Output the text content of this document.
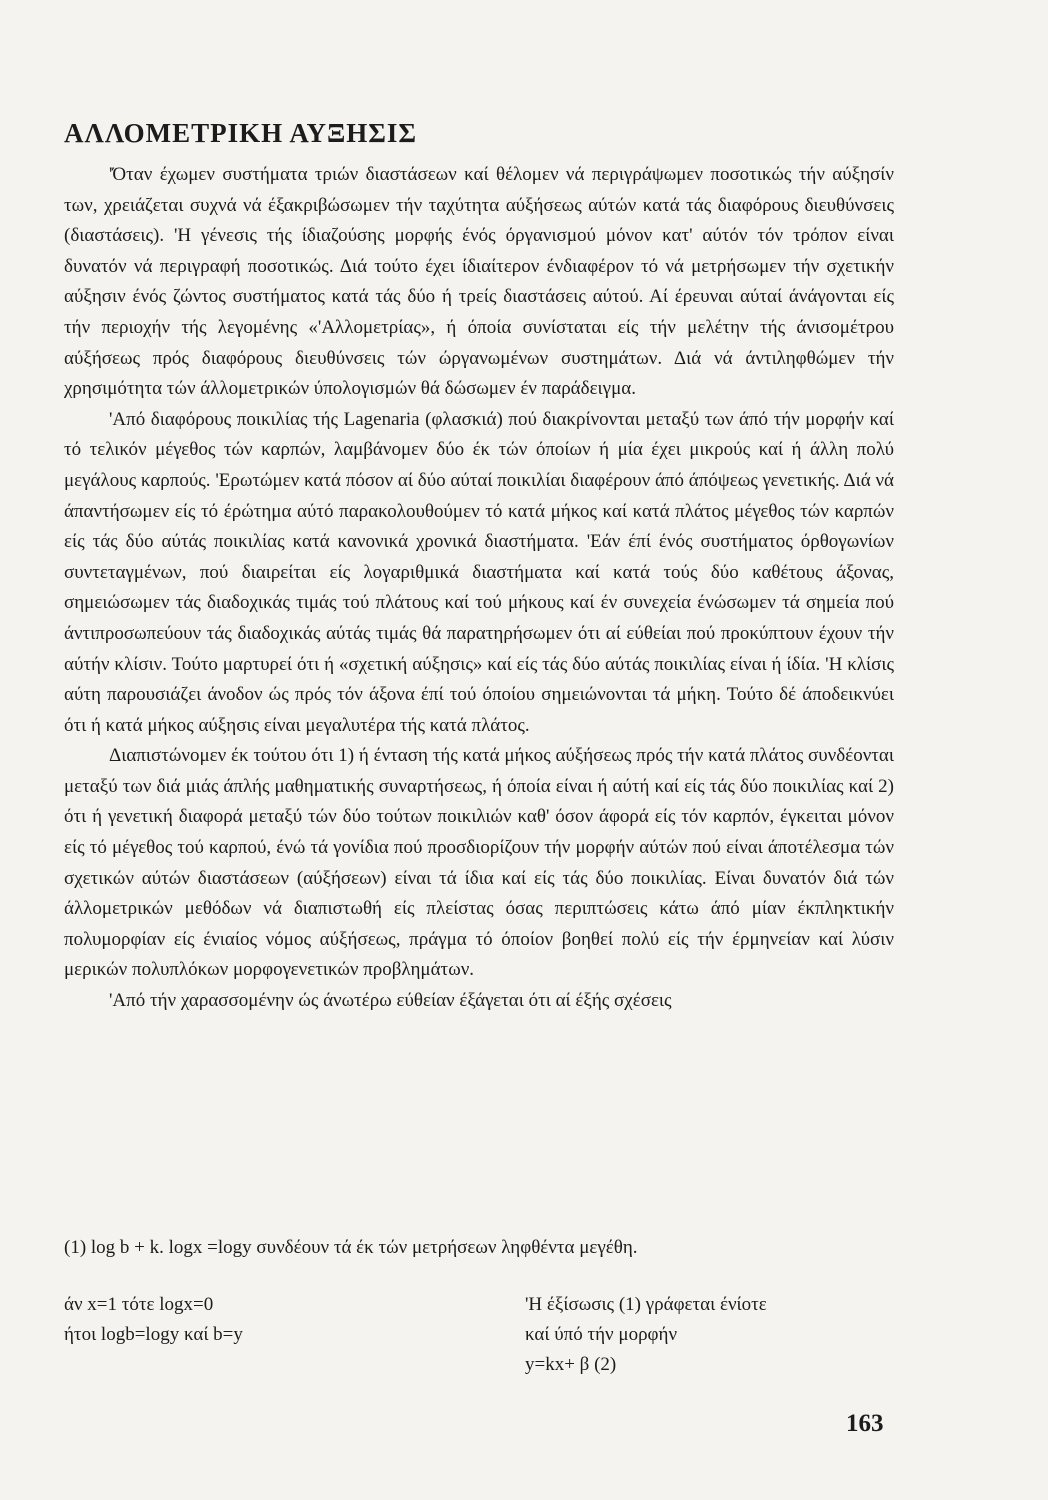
ΑΛΛΟΜΕΤΡΙΚΗ ΑΥΞΗΣΙΣ

'Όταν έχωμεν συστήματα τριών διαστάσεων καί θέλομεν νά περιγράψωμεν ποσοτικώς τήν αύξησίν των, χρειάζεται συχνά νά έξακριβώσωμεν τήν ταχύτητα αύξήσεως αύτών κατά τάς διαφόρους διευθύνσεις (διαστάσεις). 'Η γένεσις τής ίδιαζούσης μορφής ένός όργανισμού μόνον κατ' αύτόν τόν τρόπον είναι δυνατόν νά περιγραφή ποσοτικώς. Διά τούτο έχει ίδιαίτερον ένδιαφέρον τό νά μετρήσωμεν τήν σχετικήν αύξησιν ένός ζώντος συστήματος κατά τάς δύο ή τρείς διαστάσεις αύτού. Αί έρευναι αύταί άνάγονται είς τήν περιοχήν τής λεγομένης «'Αλλομετρίας», ή όποία συνίσταται είς τήν μελέτην τής άνισομέτρου αύξήσεως πρός διαφόρους διευθύνσεις τών ώργανωμένων συστημάτων. Διά νά άντιληφθώμεν τήν χρησιμότητα τών άλλομετρικών ύπολογισμών θά δώσωμεν έν παράδειγμα.

'Από διαφόρους ποικιλίας τής Lagenaria (φλασκιά) πού διακρίνονται μεταξύ των άπό τήν μορφήν καί τό τελικόν μέγεθος τών καρπών, λαμβάνομεν δύο έκ τών όποίων ή μία έχει μικρούς καί ή άλλη πολύ μεγάλους καρπούς. 'Ερωτώμεν κατά πόσον αί δύο αύταί ποικιλίαι διαφέρουν άπό άπόψεως γενετικής. Διά νά άπαντήσωμεν είς τό έρώτημα αύτό παρακολουθούμεν τό κατά μήκος καί κατά πλάτος μέγεθος τών καρπών είς τάς δύο αύτάς ποικιλίας κατά κανονικά χρονικά διαστήματα. 'Εάν έπί ένός συστήματος όρθογωνίων συντεταγμένων, πού διαιρείται είς λογαριθμικά διαστήματα καί κατά τούς δύο καθέτους άξονας, σημειώσωμεν τάς διαδοχικάς τιμάς τού πλάτους καί τού μήκους καί έν συνεχεία ένώσωμεν τά σημεία πού άντιπροσωπεύουν τάς διαδοχικάς αύτάς τιμάς θά παρατηρήσωμεν ότι αί εύθείαι πού προκύπτουν έχουν τήν αύτήν κλίσιν. Τούτο μαρτυρεί ότι ή «σχετική αύξησις» καί είς τάς δύο αύτάς ποικιλίας είναι ή ίδία. 'Η κλίσις αύτη παρουσιάζει άνοδον ώς πρός τόν άξονα έπί τού όποίου σημειώνονται τά μήκη. Τούτο δέ άποδεικνύει ότι ή κατά μήκος αύξησις είναι μεγαλυτέρα τής κατά πλάτος.

Διαπιστώνομεν έκ τούτου ότι 1) ή ένταση τής κατά μήκος αύξήσεως πρός τήν κατά πλάτος συνδέονται μεταξύ των διά μιάς άπλής μαθηματικής συναρτήσεως, ή όποία είναι ή αύτή καί είς τάς δύο ποικιλίας καί 2) ότι ή γενετική διαφορά μεταξύ τών δύο τούτων ποικιλιών καθ' όσον άφορά είς τόν καρπόν, έγκειται μόνον είς τό μέγεθος τού καρπού, ένώ τά γονίδια πού προσδιορίζουν τήν μορφήν αύτών πού είναι άποτέλεσμα τών σχετικών αύτών διαστάσεων (αύξήσεων) είναι τά ίδια καί είς τάς δύο ποικιλίας. Είναι δυνατόν διά τών άλλομετρικών μεθόδων νά διαπιστωθή είς πλείστας όσας περιπτώσεις κάτω άπό μίαν έκπληκτικήν πολυμορφίαν είς ένιαίος νόμος αύξήσεως, πράγμα τό όποίον βοηθεί πολύ είς τήν έρμηνείαν καί λύσιν μερικών πολυπλόκων μορφογενετικών προβλημάτων.

'Από τήν χαρασσομένην ώς άνωτέρω εύθείαν έξάγεται ότι αί έξής σχέσεις

(1) log b + k. logx =logy συνδέουν τά έκ τών μετρήσεων ληφθέντα μεγέθη.
άν x=1 τότε logx=0
ήτοι logb=logy καί b=y
'Η έξίσωσις (1) γράφεται ένίοτε
καί ύπό τήν μορφήν
y=kx+ β (2)
163
